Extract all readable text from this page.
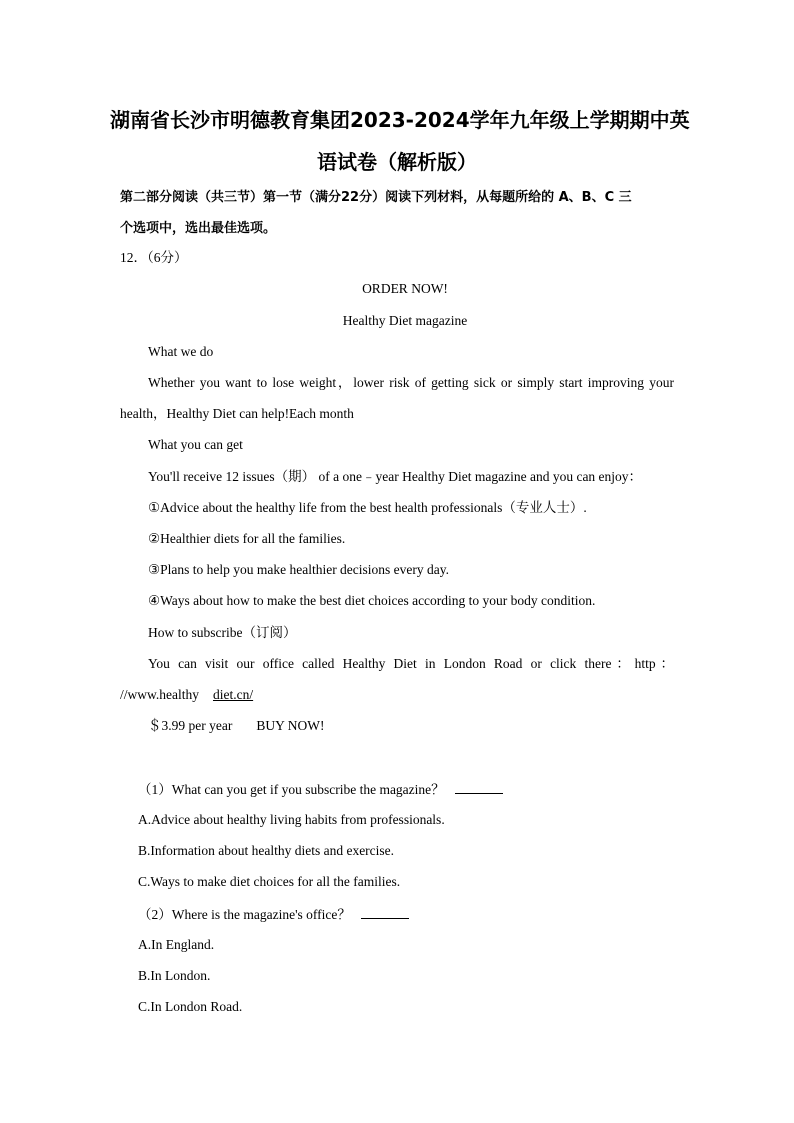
湖南省长沙市明德教育集团2023-2024学年九年级上学期期中英
语试卷（解析版）
第二部分阅读（共三节）第一节（满分22分）阅读下列材料，从每题所给的 A、B、C 三
个选项中，选出最佳选项。
12．（6分）
ORDER NOW!
Healthy Diet magazine
What we do
Whether you want to lose weight，lower risk of getting sick or simply start improving your
health，Healthy Diet can help!Each month
What you can get
You'll receive 12 issues（期） of a one﹣year Healthy Diet magazine and you can enjoy：
①Advice about the healthy life from the best health professionals（专业人士）.
②Healthier diets for all the families.
③Plans to help you make healthier decisions every day.
④Ways about how to make the best diet choices according to your body condition.
How to subscribe（订阅）
You can visit our office called Healthy Diet in London Road or click there：http：
//www.healthy diet.cn/
＄3.99 per year BUY NOW!
（1）What can you get if you subscribe the magazine？
A.Advice about healthy living habits from professionals.
B.Information about healthy diets and exercise.
C.Ways to make diet choices for all the families.
（2）Where is the magazine's office？
A.In England.
B.In London.
C.In London Road.
